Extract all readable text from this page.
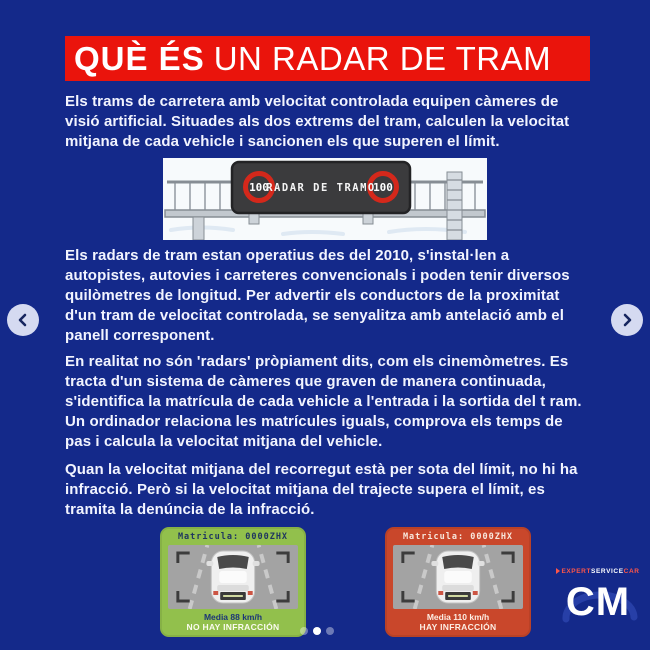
QUÈ ÉS UN RADAR DE TRAM

Els trams de carretera amb velocitat controlada equipen càmeres de visió artificial. Situades als dos extrems del tram, calculen la velocitat mitjana de cada vehicle i sancionen els que superen el límit.

100	100
RADAR DE TRAMO

Els radars de tram estan operatius des del 2010, s'instal·len a autopistes, autovies i carreteres convencionals i poden tenir diversos quilòmetres de longitud. Per advertir els conductors de la proximitat d'un tram de velocitat controlada, se senyalitza amb antelació amb el panell corresponent.

En realitat no són 'radars' pròpiament dits, com els cinemòmetres. Es tracta d'un sistema de càmeres que graven de manera continuada, s'identifica la matrícula de cada vehicle a l'entrada i la sortida del t ram. Un ordinador relaciona les matrícules iguals, comprova els temps de pas i calcula la velocitat mitjana del vehicle.

Quan la velocitat mitjana del recorregut està per sota del límit, no hi ha infracció. Però si la velocitat mitjana del trajecte supera el límit, es tramita la denúncia de la infracció.

Matricula: 0000ZHX
Media 88 km/h
NO HAY INFRACCIÓN
Matricula: 0000ZHX
Media 110 km/h
HAY INFRACCIÓN
EXPERTSERVICECAR
CM
